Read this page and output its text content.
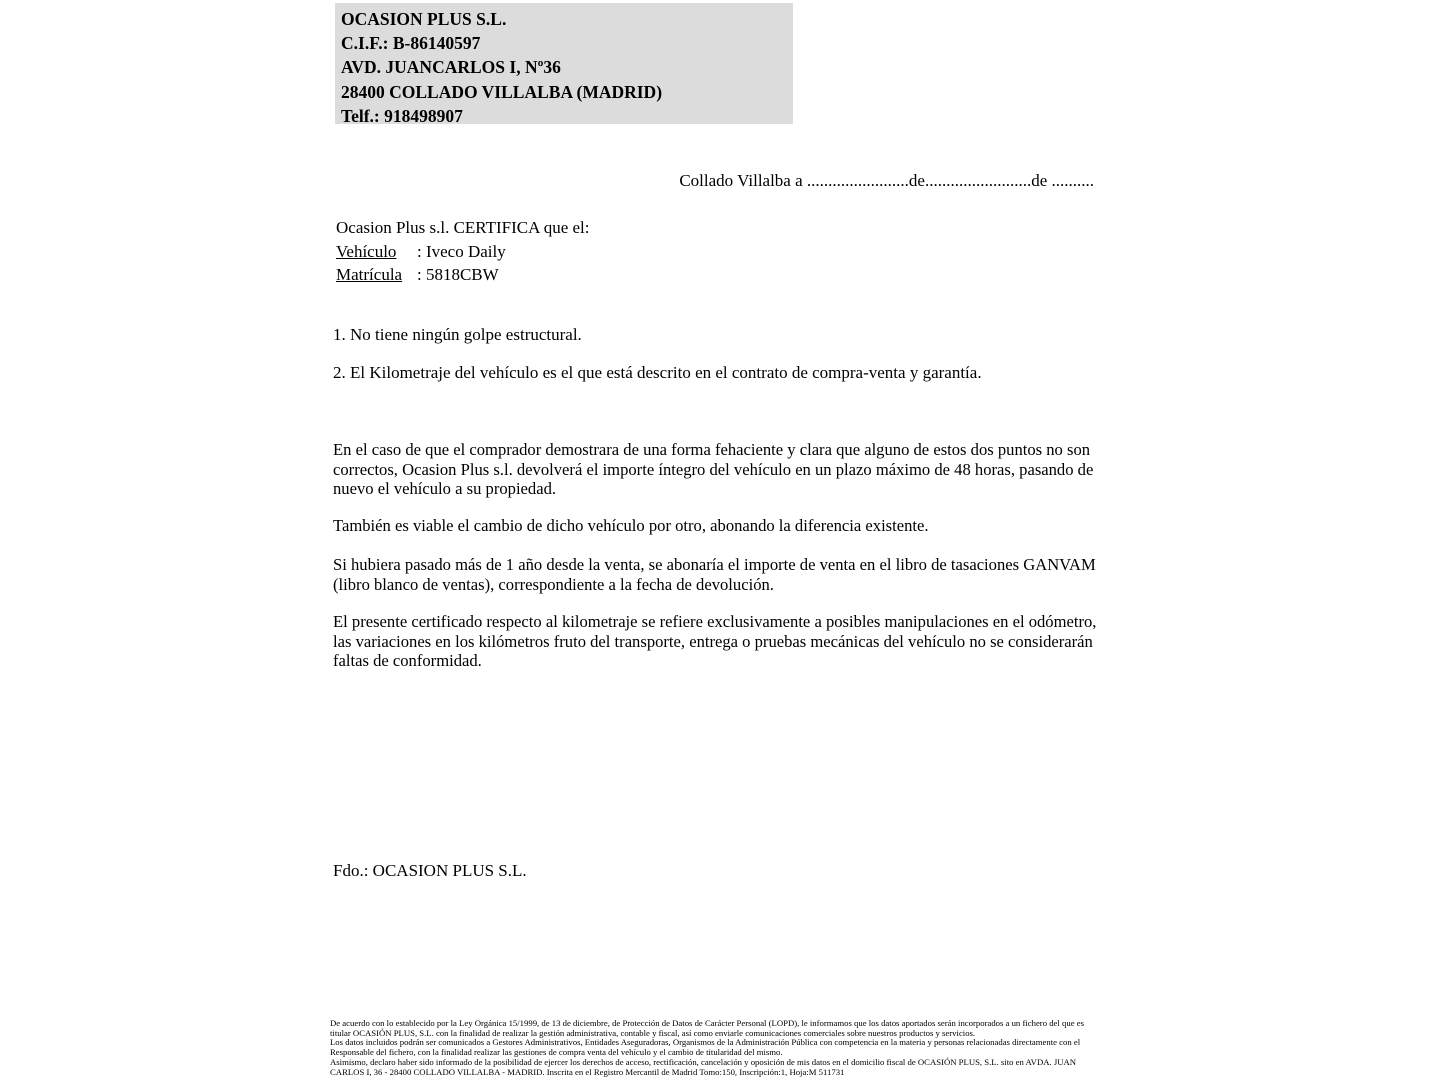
OCASION PLUS S.L.
C.I.F.: B-86140597
AVD. JUANCARLOS I, Nº36
28400 COLLADO VILLALBA (MADRID)
Telf.: 918498907
Collado Villalba a ........................de.........................de ..........
Ocasion Plus s.l. CERTIFICA que el:
Vehículo : Iveco Daily
Matrícula : 5818CBW
1. No tiene ningún golpe estructural.
2. El Kilometraje del vehículo es el que está descrito en el contrato de compra-venta y garantía.
En el caso de que el comprador demostrara de una forma fehaciente y clara que alguno de estos dos puntos no son correctos, Ocasion Plus s.l. devolverá el importe íntegro del vehículo en un plazo máximo de 48 horas, pasando de nuevo el vehículo a su propiedad.
También es viable el cambio de dicho vehículo por otro, abonando la diferencia existente.
Si hubiera pasado más de 1 año desde la venta, se abonaría el importe de venta en el libro de tasaciones GANVAM (libro blanco de ventas), correspondiente a la fecha de devolución.
El presente certificado respecto al kilometraje se refiere exclusivamente a posibles manipulaciones en el odómetro, las variaciones en los kilómetros fruto del transporte, entrega o pruebas mecánicas del vehículo no se considerarán faltas de conformidad.
Fdo.: OCASION PLUS S.L.

De acuerdo con lo establecido por la Ley Orgánica 15/1999, de 13 de diciembre, de Protección de Datos de Carácter Personal (LOPD), le informamos que los datos aportados serán incorporados a un fichero del que es titular OCASIÓN PLUS, S.L. con la finalidad de realizar la gestión administrativa, contable y fiscal, así como enviarle comunicaciones comerciales sobre nuestros productos y servicios.

Los datos incluidos podrán ser comunicados a Gestores Administrativos, Entidades Aseguradoras, Organismos de la Administración Pública con competencia en la materia y personas relacionadas directamente con el Responsable del fichero, con la finalidad realizar las gestiones de compra venta del vehículo y el cambio de titularidad del mismo.

Asimismo, declaro haber sido informado de la posibilidad de ejercer los derechos de acceso, rectificación, cancelación y oposición de mis datos en el domicilio fiscal de OCASIÓN PLUS, S.L. sito en AVDA. JUAN CARLOS I, 36 - 28400 COLLADO VILLALBA - MADRID. Inscrita en el Registro Mercantil de Madrid Tomo:150, Inscripción:1, Hoja:M 511731
